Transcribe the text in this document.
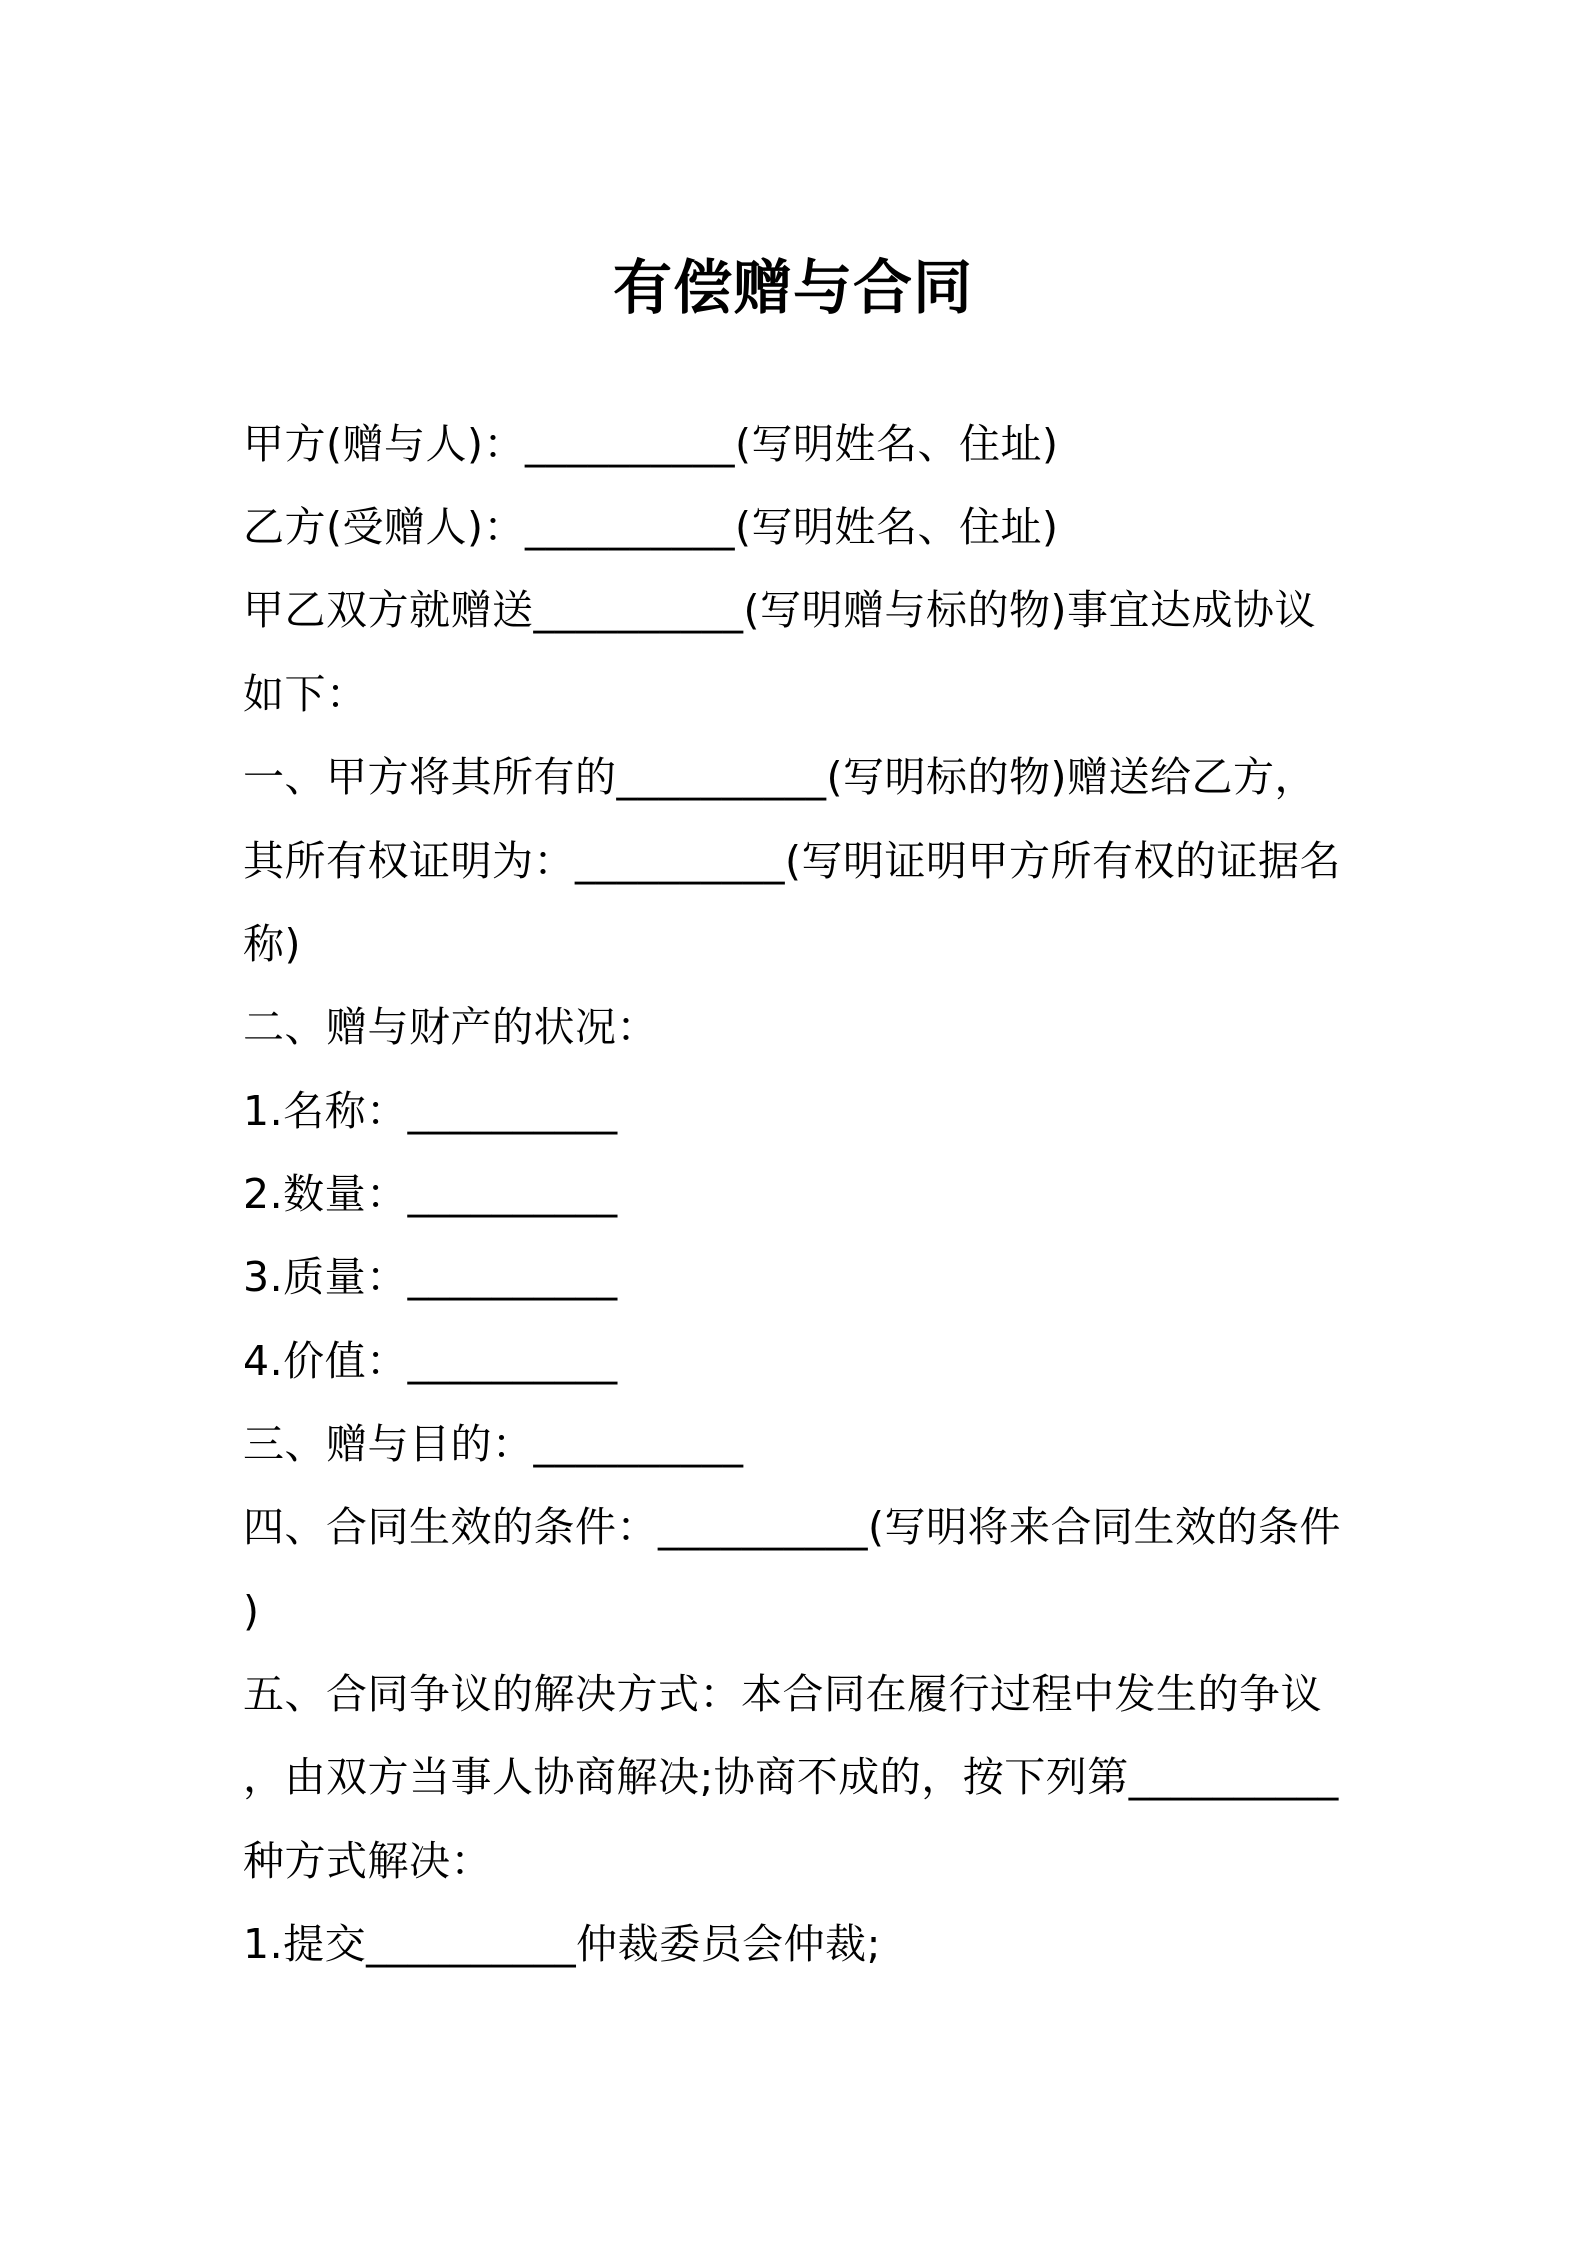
有偿赠与合同
甲方(赠与人)：__________(写明姓名、住址)
乙方(受赠人)：__________(写明姓名、住址)
甲乙双方就赠送__________(写明赠与标的物)事宜达成协议
如下：
一、甲方将其所有的__________(写明标的物)赠送给乙方，
其所有权证明为：__________(写明证明甲方所有权的证据名
称)
二、赠与财产的状况：
1.名称：__________
2.数量：__________
3.质量：__________
4.价值：__________
三、赠与目的：__________
四、合同生效的条件：__________(写明将来合同生效的条件
)
五、合同争议的解决方式：本合同在履行过程中发生的争议
，由双方当事人协商解决;协商不成的，按下列第__________
种方式解决：
1.提交__________仲裁委员会仲裁;
